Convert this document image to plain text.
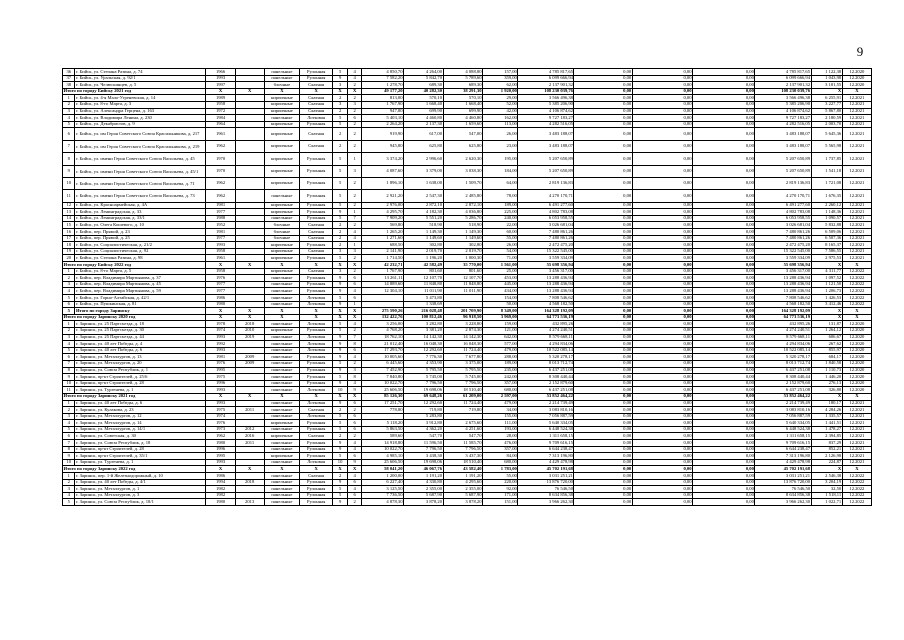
9
36	г. Бийск, ул. Степана Разина, д. 74	1966		панельные	Рулонная	5	4	4 850,70	4 264,00	4 088,80	157,00	4 785 817,65	0,00	0,00	0,00	4 785 817,65	1 122,38	12.2020
37	г. Бийск, ул. Уральская, д. 92/1	1993		панельные	Рулонная	9	4	7 582,20	5 842,70	5 789,60	359,00	6 099 666,94	0,00	0,00	0,00	6 099 666,94	1 043,98	12.2020
38	г. Бийск, ул. Челюскинцев, д. 5	1997		блочные	Скатная	3	2	1 278,70	689,30	689,30	62,00	2 137 901,32	0,00	0,00	0,00	2 137 901,32	3 101,55	12.2020
Итого по городу Бийску 2021 год		X	X	X	X	X	X	49 177,20	40 282,30	38 291,30	1 920,00	108 230 039,76	0,00	0,00	0,00	108 230 039,76	X	X
1	г. Бийск, ул. 4-я Мало-Угреневская, д. 14	1989		кирпичные	Скатная	2	2	813,00	570,10	570,10	29,00	3 566 496,38	0,00	0,00	0,00	3 566 496,38	6 255,91	12.2021
2	г. Бийск, ул. 8-го Марта, д. 3	1958		кирпичные	Скатная	3	3	1 767,90	1 668,40	1 668,40	52,00	5 385 206,90	0,00	0,00	0,00	5 385 206,90	3 227,77	12.2021
3	г. Бийск, ул. Александра Герцена, д. 163	1972		кирпичные	Скатная	2	2	947,80	699,90	699,90	42,00	4 106 874,62	0,00	0,00	0,00	4 106 874,62	5 867,80	12.2021
4	г. Бийск, ул. Владимира Ленина, д. 230	1984		панельные	Лотковая	5	6	5 403,10	4 460,80	4 460,80	162,00	9 727 183,27	0,00	0,00	0,00	9 727 183,27	2 180,59	12.2021
5	г. Бийск, ул. Декабристов, д. 9	1964		кирпичные	Рулонная	5	2	2 264,20	2 137,30	1 659,60	113,00	4 282 516,05	0,00	0,00	0,00	4 282 516,05	2 003,70	12.2021
6	г. Бийск, ул. им Героя Советского Союза Красильникова, д. 217	1961		кирпичные	Скатная	2	2	919,90	617,00	547,00	26,00	3 483 188,07	0,00	0,00	0,00	3 483 188,07	5 645,36	12.2021
7	г. Бийск, ул. им Героя Советского Союза Красильникова, д. 219	1962		кирпичные	Скатная	2	2	945,80	625,80	625,80	23,00	3 483 188,07	0,00	0,00	0,00	3 483 188,07	5 565,98	12.2021
8	г. Бийск, ул. имени Героя Советского Союза Васильева, д. 45	1970		кирпичные	Рулонная	5	1	3 374,20	2 996,60	2 620,30	195,00	5 207 650,89	0,00	0,00	0,00	5 207 650,89	1 737,85	12.2021
9	г. Бийск, ул. имени Героя Советского Союза Васильева, д. 45/1	1970		кирпичные	Рулонная	5	3	4 087,60	3 379,00	3 038,30	184,00	5 207 650,89	0,00	0,00	0,00	5 207 650,89	1 541,18	12.2021
10	г. Бийск, ул. имени Героя Советского Союза Васильева, д. 71	1962		кирпичные	Рулонная	5	2	1 896,10	1 638,00	1 509,70	64,00	2 819 136,83	0,00	0,00	0,00	2 819 136,83	1 721,08	12.2021
11	г. Бийск, ул. имени Героя Советского Союза Васильева, д. 73	1962		панельные	Рулонная	5	2	2 921,20	2 547,30	2 485,80	78,00	4 270 170,71	0,00	0,00	0,00	4 270 170,71	1 676,35	12.2021
12	г. Бийск, ул. Красноармейская, д. 4А	1981		кирпичные	Рулонная	5	2	2 976,00	2 872,10	2 872,10	189,00	6 491 277,60	0,00	0,00	0,00	6 491 277,60	2 260,12	12.2021
13	г. Бийск, ул. Ленинградская, д. 33	1977		кирпичные	Рулонная	9	1	4 295,70	4 182,30	4 036,80	225,00	4 802 783,08	0,00	0,00	0,00	4 802 783,08	1 148,36	12.2021
14	г. Бийск, ул. Ленинградская, д. 33/1	1988		панельные	Рулонная	5	7	7 909,20	5 551,20	5 286,70	240,00	6 053 958,55	0,00	0,00	0,00	6 053 958,55	1 090,57	12.2021
15	г. Бийск, ул. Олега Кошевого, д. 10	1952		блочные	Скатная	2	2	569,80	518,90	518,90	22,00	3 026 681,04	0,00	0,00	0,00	3 026 681,04	5 832,88	12.2021
16	г. Бийск, пер. Прямой, д. 23	1981		блочные	Скатная	2	4	1 265,20	1 149,30	1 149,30	60,00	7 480 861,26	0,00	0,00	0,00	7 480 861,26	6 509,06	12.2021
17	г. Бийск, пер. Прямой, д. 25	1977		блочные	Скатная	2	4	1 271,60	1 149,60	1 149,60	55,00	7 480 861,26	0,00	0,00	0,00	7 480 861,26	6 507,36	12.2021
18	г. Бийск, ул. Социалистическая, д. 21/2	1993		кирпичные	Рулонная	2	1	688,50	302,80	302,80	26,00	2 472 475,20	0,00	0,00	0,00	2 472 475,20	8 165,37	12.2021
19	г. Бийск, ул. Социалистическая, д. 92	1958		кирпичные	Скатная	3	3	2 141,90	2 019,70	2 019,70	54,00	15 322 545,00	0,00	0,00	0,00	15 322 545,00	7 586,55	12.2021
20	г. Бийск, ул. Степана Разина, д. 98	1961		кирпичные	Рулонная	5	2	1 714,50	1 196,20	1 000,30	71,00	3 559 334,09	0,00	0,00	0,00	3 559 334,09	2 975,53	12.2021
Итого по городу Бийску 2022 год		X	X	X	X	X	X	42 232,71	42 582,49	35 770,00	1 561,00	55 698 356,94	0,00	0,00	0,00	55 698 356,94	X	X
1	г. Бийск, ул. 8-го Марта, д. 5	1958		кирпичные	Скатная	3	2	1 767,90	801,60	801,60	25,00	3 456 317,00	0,00	0,00	0,00	3 456 317,00	4 311,77	12.2022
2	г. Бийск, пер. Владимира Мартьянова, д. 37	1976		панельные	Рулонная	9	6	13 261,11	12 107,70	12 107,70	453,00	13 288 436,94	0,00	0,00	0,00	13 288 436,94	1 097,52	12.2022
3	г. Бийск, пер. Владимира Мартьянова, д. 45	1977		панельные	Рулонная	9	6	14 889,60	11 848,80	11 848,80	445,00	13 288 436,94	0,00	0,00	0,00	13 288 436,94	1 121,50	12.2022
4	г. Бийск, пер. Владимира Мартьянова, д. 59	1977		панельные	Рулонная	9	4	12 304,10	11 011,90	11 011,90	434,00	13 288 436,94	0,00	0,00	0,00	13 288 436,94	1 206,73	12.2022
5	г. Бийск, ул. Горно-Алтайская, д. 42/1	1986		панельные	Лотковая	5	6		5 473,80		154,00	7 808 546,62	0,00	0,00	0,00	7 808 546,62	1 426,53	12.2022
6	г. Бийск, ул. Пушкинская, д. 81	1980		панельные	Лотковая	9	1		1 338,69		50,00	4 568 182,50	0,00	0,00	0,00	4 568 182,50	3 412,46	12.2022
5	Итого по городу Заринску	X	X	X	X	X	X	275 590,26	216 028,48	201 709,90	8 349,00	164 328 192,09	0,00	0,00	0,00	164 328 192,09	X	X
Итого по городу Заринску 2020 год		X	X	X	X	X	X	132 422,76	100 812,46	96 918,50	3 969,00	64 773 536,19	0,00	0,00	0,00	64 773 536,19	X	X
1	г. Заринск, ул. 25 Партсъезда, д. 18	1978	2018	панельные	Лотковая	5	4	3 256,00	3 282,80	3 228,80	159,00	432 895,26	0,00	0,00	0,00	432 895,26	131,87	12.2020
2	г. Заринск, ул. 25 Партсъезда, д. 30	1974	2010	кирпичные	Рулонная	5	2	4 768,20	3 381,20	2 874,30	121,00	4 274 240,51	0,00	0,00	0,00	4 274 240,51	1 264,12	12.2020
3	г. Заринск, ул. 25 Партсъезда, д. 44	1993	2019	панельные	Лотковая	9	7	18 762,10	14 142,30	14 142,30	642,00	8 579 668,11	0,00	0,00	0,00	8 579 668,11	606,67	12.2020
4	г. Заринск, ул. 40 лет Победы, д. 4	1992		панельные	Лотковая	9	8	21 012,40	16 048,30	16 048,30	577,00	4 294 834,06	0,00	0,00	0,00	4 294 834,06	267,62	12.2020
5	г. Заринск, ул. 40 лет Победы, д. 6	1993		панельные	Лотковая	9	6	17 293,70	12 292,60	11 724,40	479,00	10 522 085,14	0,00	0,00	0,00	10 522 085,14	855,97	12.2020
6	г. Заринск, ул. Металлургов, д. 13	1981	2009	панельные	Рулонная	9	4	10 005,60	7 776,30	7 677,80	288,00	5 320 278,17	0,00	0,00	0,00	5 320 278,17	684,17	12.2020
7	г. Заринск, ул. Металлургов, д. 20	1976	2009	панельные	Рулонная	5	2	6 445,60	4 353,90	3 375,00	189,00	8 013 712,74	0,00	0,00	0,00	8 013 712,74	1 840,58	12.2020
8	г. Заринск, ул. Союза Республик, д. 1	1995		панельные	Рулонная	9	3	7 452,90	5 795,50	5 795,50	235,00	6 437 251,08	0,00	0,00	0,00	6 437 251,08	1 110,73	12.2020
9	г. Заринск, пр-кт Строителей, д. 25/6	1975		панельные	Рулонная	5	8	7 840,80	5 745,00	5 745,00	242,00	8 308 440,44	0,00	0,00	0,00	8 308 440,44	1 446,20	12.2020
10	г. Заринск, пр-кт Строителей, д. 28	1996		панельные	Рулонная	9	4	10 022,70	7 796,50	7 796,50	357,00	2 152 879,60	0,00	0,00	0,00	2 152 879,60	276,13	12.2020
11	г. Заринск, ул. Тургенева, д. 1	1993		панельные	Лотковая	10	9	25 606,50	19 698,06	18 510,40	680,00	6 437 251,08	0,00	0,00	0,00	6 437 251,08	326,80	12.2020
Итого по городу Заринску 2021 год		X	X	X	X	X	X	85 126,30	69 648,26	61 209,00	2 597,00	53 852 464,22	0,00	0,00	0,00	53 852 464,22	X	X
1	г. Заринск, ул. 40 лет Победы, д. 6	1993		панельные	Лотковая	9	6	17 251,70	12 292,60	11 724,40	479,00	2 214 739,49	0,00	0,00	0,00	2 214 739,49	180,17	12.2021
2	г. Заринск, ул. Кулакова, д. 23	1975	2011	панельные	Скатная	2	2	778,80	719,80	719,80	34,00	3 083 810,16	0,00	0,00	0,00	3 083 810,16	4 284,26	12.2021
3	г. Заринск, ул. Металлургов, д. 12	1974		панельные	Лотковая	5	6		5 283,80		155,00	7 056 887,59	0,00	0,00	0,00	7 056 887,59	1 335,57	12.2021
4	г. Заринск, ул. Металлургов, д. 14	1976		кирпичные	Рулонная	5	6	5 118,20	3 912,80	2 675,60	111,00	5 640 334,05	0,00	0,00	0,00	5 640 334,05	1 441,51	12.2021
5	г. Заринск, ул. Металлургов, д. 14/1	1973	2012	панельные	Рулонная	5	6	5 863,50	4 362,20	4 251,60	193,00	6 448 524,38	0,00	0,00	0,00	6 448 524,38	1 478,27	12.2021
6	г. Заринск, ул. Советская, д. 30	1962	2016	кирпичные	Скатная	2	2	589,60	547,70	547,70	28,00	1 311 658,15	0,00	0,00	0,00	1 311 658,15	2 394,85	12.2021
7	г. Заринск, ул. Союза Республик, д. 18	1980	2011	панельные	Рулонная	9	4	14 918,80	11 596,50	11 585,70	476,00	9 709 616,15	0,00	0,00	0,00	9 709 616,15	837,29	12.2021
8	г. Заринск, пр-кт Строителей, д. 28	1996		панельные	Рулонная	9	4	10 022,70	7 796,50	7 796,50	357,00	6 644 238,47	0,00	0,00	0,00	6 644 238,47	852,21	12.2021
9	г. Заринск, пр-кт Строителей, д. 35/1	1995		кирпичные	Рулонная	5	6	4 985,10	3 438,30	3 437,30	84,00	7 313 196,80	0,00	0,00	0,00	7 313 196,80	2 126,98	12.2021
10	г. Заринск, ул. Тургенева, д. 1	1993		панельные	Лотковая	10	9	25 606,50	19 698,06	18 510,40	680,00	4 429 478,98	0,00	0,00	0,00	4 429 478,98	224,87	12.2021
Итого по городу Заринску 2022 год		X	X	X	X	X	X	58 041,20	46 067,76	43 582,40	1 783,00	45 702 191,68	0,00	0,00	0,00	45 702 191,68	X	X
1	г. Заринск, пер. 1-й Железнодорожный, д. 10	1986		панельные	Скатная	2	4	1 200,00	1 191,20	1 191,20	55,00	3 031 251,21	0,00	0,00	0,00	3 031 251,21	2 546,38	12.2022
2	г. Заринск, ул. 40 лет Победы, д. 4/1	1994	2018	панельные	Рулонная	9	6	6 227,40	4 330,80	4 295,60	220,00	13 876 720,00	0,00	0,00	0,00	13 876 720,00	3 204,19	12.2022
3	г. Заринск, ул. Металлургов, д. 1	1982		панельные	Рулонная	5	4	3 125,50	2 355,00	2 355,00	92,00	76 546,50	0,00	0,00	0,00	76 546,50	32,50	12.2022
4	г. Заринск, ул. Металлургов, д. 3	1982		панельные	Рулонная	5	6	7 736,50	5 687,90	5 687,90	171,00	8 634 856,38	0,00	0,00	0,00	8 634 856,38	1 518,11	12.2022
5	г. Заринск, ул. Союза Республик, д. 18/1	1980	2013	панельные	Рулонная	9	2	4 878,30	3 878,20	3 878,20	151,00	3 966 262,30	0,00	0,00	0,00	3 966 262,30	1 022,71	12.2022
